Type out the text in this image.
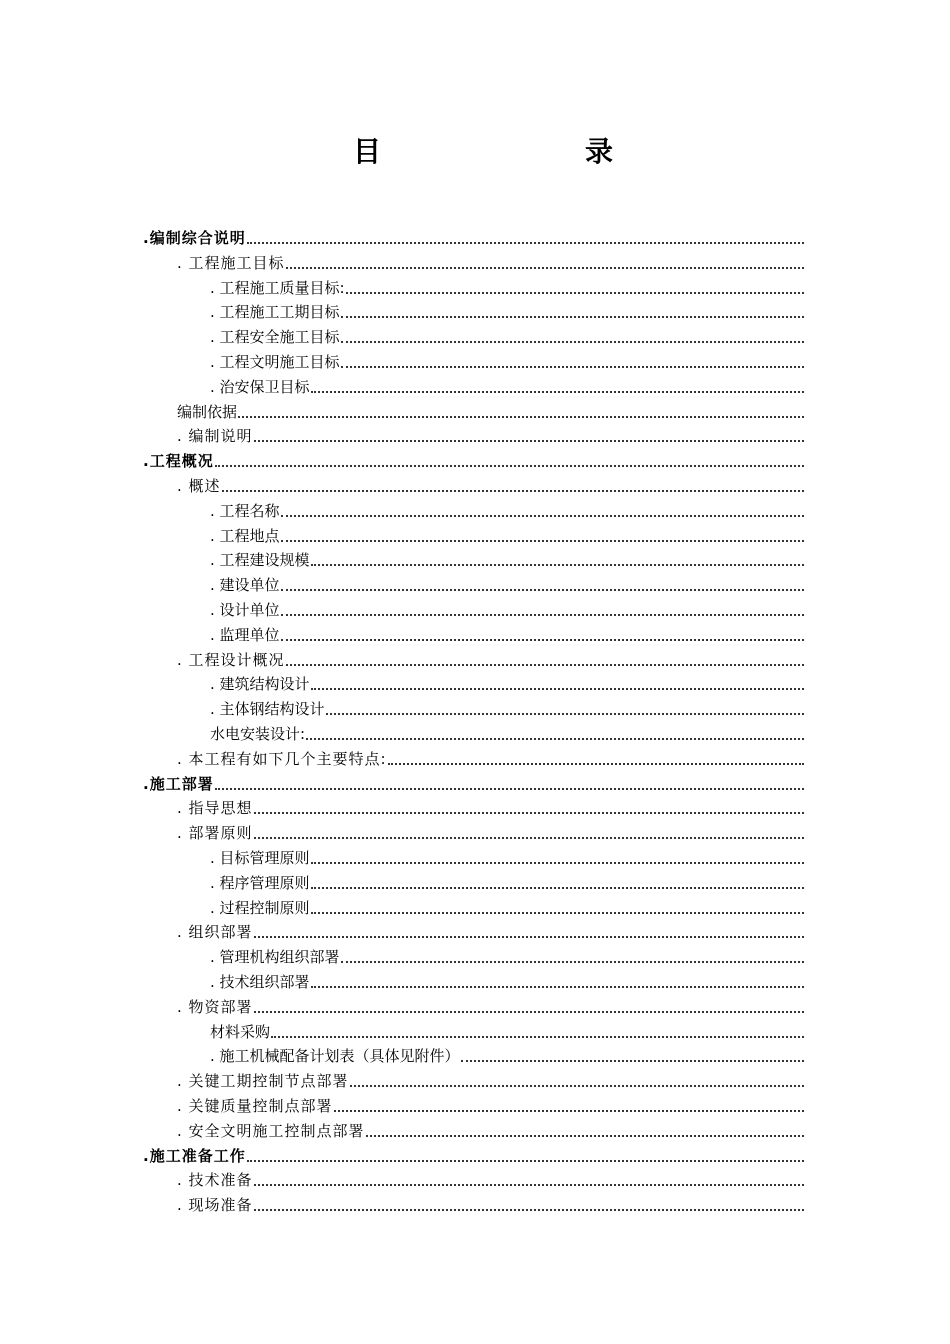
目　录
.编制综合说明
. 工程施工目标
. 工程施工质量目标:
. 工程施工工期目标
. 工程安全施工目标
. 工程文明施工目标
. 治安保卫目标
编制依据
. 编制说明
.工程概况
. 概述
. 工程名称
. 工程地点
. 工程建设规模
. 建设单位
. 设计单位
. 监理单位
. 工程设计概况
. 建筑结构设计
. 主体钢结构设计
水电安装设计:
. 本工程有如下几个主要特点:
.施工部署
. 指导思想
. 部署原则
. 目标管理原则
. 程序管理原则
. 过程控制原则
. 组织部署
. 管理机构组织部署
. 技术组织部署
. 物资部署
材料采购
. 施工机械配备计划表（具体见附件）
. 关键工期控制节点部署
. 关键质量控制点部署
. 安全文明施工控制点部署
.施工准备工作
. 技术准备
. 现场准备
